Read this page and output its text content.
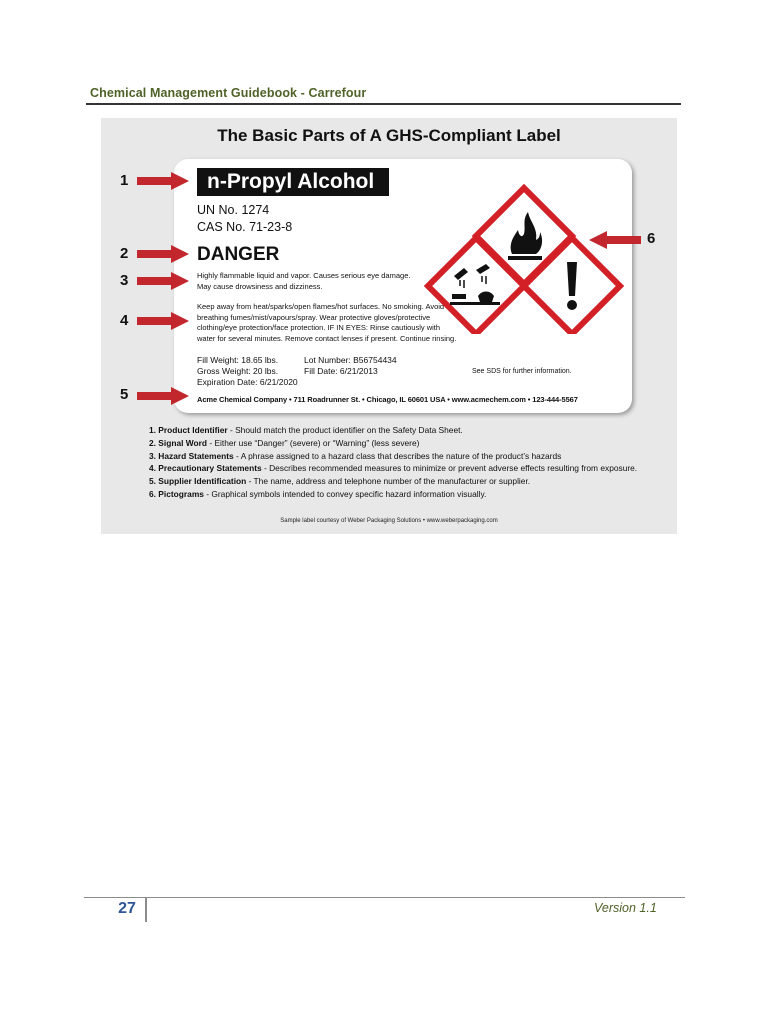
Chemical Management Guidebook - Carrefour
The Basic Parts of A GHS-Compliant Label
n-Propyl Alcohol
UN No. 1274
CAS No. 71-23-8
DANGER
Highly flammable liquid and vapor. Causes serious eye damage.
May cause drowsiness and dizziness.
Keep away from heat/sparks/open flames/hot surfaces. No smoking. Avoid
breathing fumes/mist/vapours/spray. Wear protective gloves/protective
clothing/eye protection/face protection. IF IN EYES: Rinse cautiously with
water for several minutes. Remove contact lenses if present. Continue rinsing.
Fill Weight: 18.65 lbs.
Gross Weight: 20 lbs.
Expiration Date: 6/21/2020
Lot Number: B56754434
Fill Date: 6/21/2013	See SDS for further information.
Acme Chemical Company • 711 Roadrunner St. • Chicago, IL 60601 USA • www.acmechem.com • 123-444-5567
1
2
3
4
5
6
1. Product Identifier - Should match the product identifier on the Safety Data Sheet.
2. Signal Word - Either use “Danger” (severe) or “Warning” (less severe)
3. Hazard Statements - A phrase assigned to a hazard class that describes the nature of the product’s hazards
4. Precautionary Statements - Describes recommended measures to minimize or prevent adverse effects resulting from exposure.
5. Supplier Identification - The name, address and telephone number of the manufacturer or supplier.
6. Pictograms - Graphical symbols intended to convey specific hazard information visually.
Sample label courtesy of Weber Packaging Solutions • www.weberpackaging.com
27	Version 1.1
